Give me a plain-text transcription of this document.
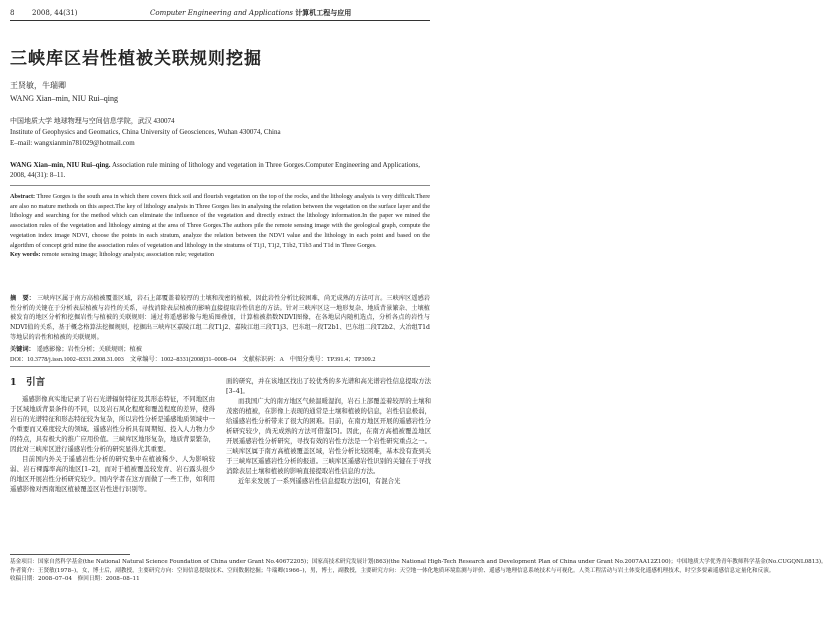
8	2008, 44(31)	Computer Engineering and Applications 计算机工程与应用
三峡库区岩性植被关联规则挖掘
王贤敏，牛瑞卿
WANG Xian–min, NIU Rui–qing
中国地质大学 地球物理与空间信息学院，武汉 430074
Institute of Geophysics and Geomatics, China University of Geosciences, Wuhan 430074, China
E–mail: wangxianmin781029@hotmail.com
WANG Xian–min, NIU Rui–qing. Association rule mining of lithology and vegetation in Three Gorges.Computer Engineering and Applications, 2008, 44(31): 8–11.
Abstract: Three Gorges is the south area in which there covers thick soil and flourish vegetation on the top of the rocks, and the lithology analysis is very difficult.There are also no mature methods on this aspect.The key of lithology analysis in Three Gorges lies in analysing the relation between the vegetation on the surface layer and the lithology and searching for the method which can eliminate the influence of the vegetation and directly extract the lithology information.In the paper we mined the association rules of the vegetation and lithology aiming at the area of Three Gorges.The authors pile the remote sensing image with the geological graph, compute the vegetation index image NDVI, choose the points in each stratum, analyze the relation between the NDVI value and the lithology in each point and based on the algorithm of concept grid mine the association rules of vegetation and lithology in the stratums of T1j1, T1j2, T1b2, T1b3 and T1d in Three Gorges.
Key words: remote sensing image; lithology analysis; association rule; vegetation
摘　要： 三峡库区属于南方高植被覆盖区域，岩石上部覆盖着较厚的土壤和茂密的植被，因此岩性分析比较困难，尚无成熟的方法可言。三峡库区遥感岩性分析的关键在于分析表层植被与岩性的关系，寻找消除表层植被的影响直接提取岩性信息的方法。针对三峡库区这一地形复杂、地质背景繁杂、土壤植被发育的地区分析和挖掘岩性与植被的关联规则：通过将遥感影像与地质图叠加，计算植被指数NDVI图像，在各地层内随机选点，分析各点的岩性与NDVI值的关系，基于概念格算法挖掘规则，挖掘出三峡库区嘉陵江组二段T1j2、嘉陵江组三段T1j3、巴东组一段T2b1、巴东组二段T2b2、大冶组T1d等地层的岩性和植被的关联规则。
关键词： 遥感影像；岩性分析；关联规则；植被
DOI：10.3778/j.issn.1002–8331.2008.31.003　文章编号：1002–8331(2008)31–0008–04　文献标识码：A　中图分类号：TP391.4；TP309.2
1　引言

遥感影像真实地记录了岩石光谱辐射特征及其形态特征，不同地区由于区域地质背景条件的不同，以及岩石风化程度和覆盖程度的差异，使得岩石的光谱特征和形态特征较为复杂，所以岩性分析是遥感地质领域中一个重要而又难度较大的领域。遥感岩性分析具有周期短、投入人力物力少的特点，具有极大的推广应用价值。三峡库区地形复杂，地质背景繁杂，因此对三峡库区进行遥感岩性分析的研究显得尤其重要。

目前国内外关于遥感岩性分析的研究集中在植被稀少、人为影响较弱、岩石裸露率高的地区[1–2]，而对于植被覆盖较发育、岩石露头很少的地区开展岩性分析研究较少。国内学者在这方面做了一些工作，如利用遥感影像对西南地区植被覆盖区岩性进行识别等。

面的研究，并在该地区找出了较优秀的多光谱和高光谱岩性信息提取方法[3–4]。

而我国广大的南方地区气候温暖湿润，岩石上部覆盖着较厚的土壤和茂密的植被，在影像上表现的通常是土壤和植被的信息，岩性信息极弱，给遥感岩性分析带来了很大的困难。目前，在南方地区开展的遥感岩性分析研究较少，尚无成熟的方法可借鉴[5]。因此，在南方高植被覆盖地区开展遥感岩性分析研究，寻找有效的岩性方法是一个岩性研究重点之一。三峡库区属于南方高植被覆盖区域，岩性分析比较困难，基本没有查到关于三峡库区遥感岩性分析的报道。三峡库区遥感岩性识别的关键在于寻找消除表层土壤和植被的影响直接提取岩性信息的方法。

近年来发展了一系列遥感岩性信息提取方法[6]，有混合光

基金项目：国家自然科学基金(the National Natural Science Foundation of China under Grant No.40672205)；国家高技术研究发展计划(863)(the National High-Tech Research and Development Plan of China under Grant No.2007AA12Z100)；中国地质大学优秀青年教师科学基金(No.CUGQNL0813)。
作者简介：王贤敏(1978–)，女，博士后，副教授，主要研究方向：空间信息提取技术、空间数据挖掘；牛瑞卿(1966–)，男，博士，副教授，主要研究方向：天空地一体化地质环境监测与评价、遥感与地理信息系统技术与可视化。人类工程活动与岩土体变化遥感机理技术，时空多要素遥感信息定量化和反演。
收稿日期：2008–07–04　修回日期：2008–08–11
